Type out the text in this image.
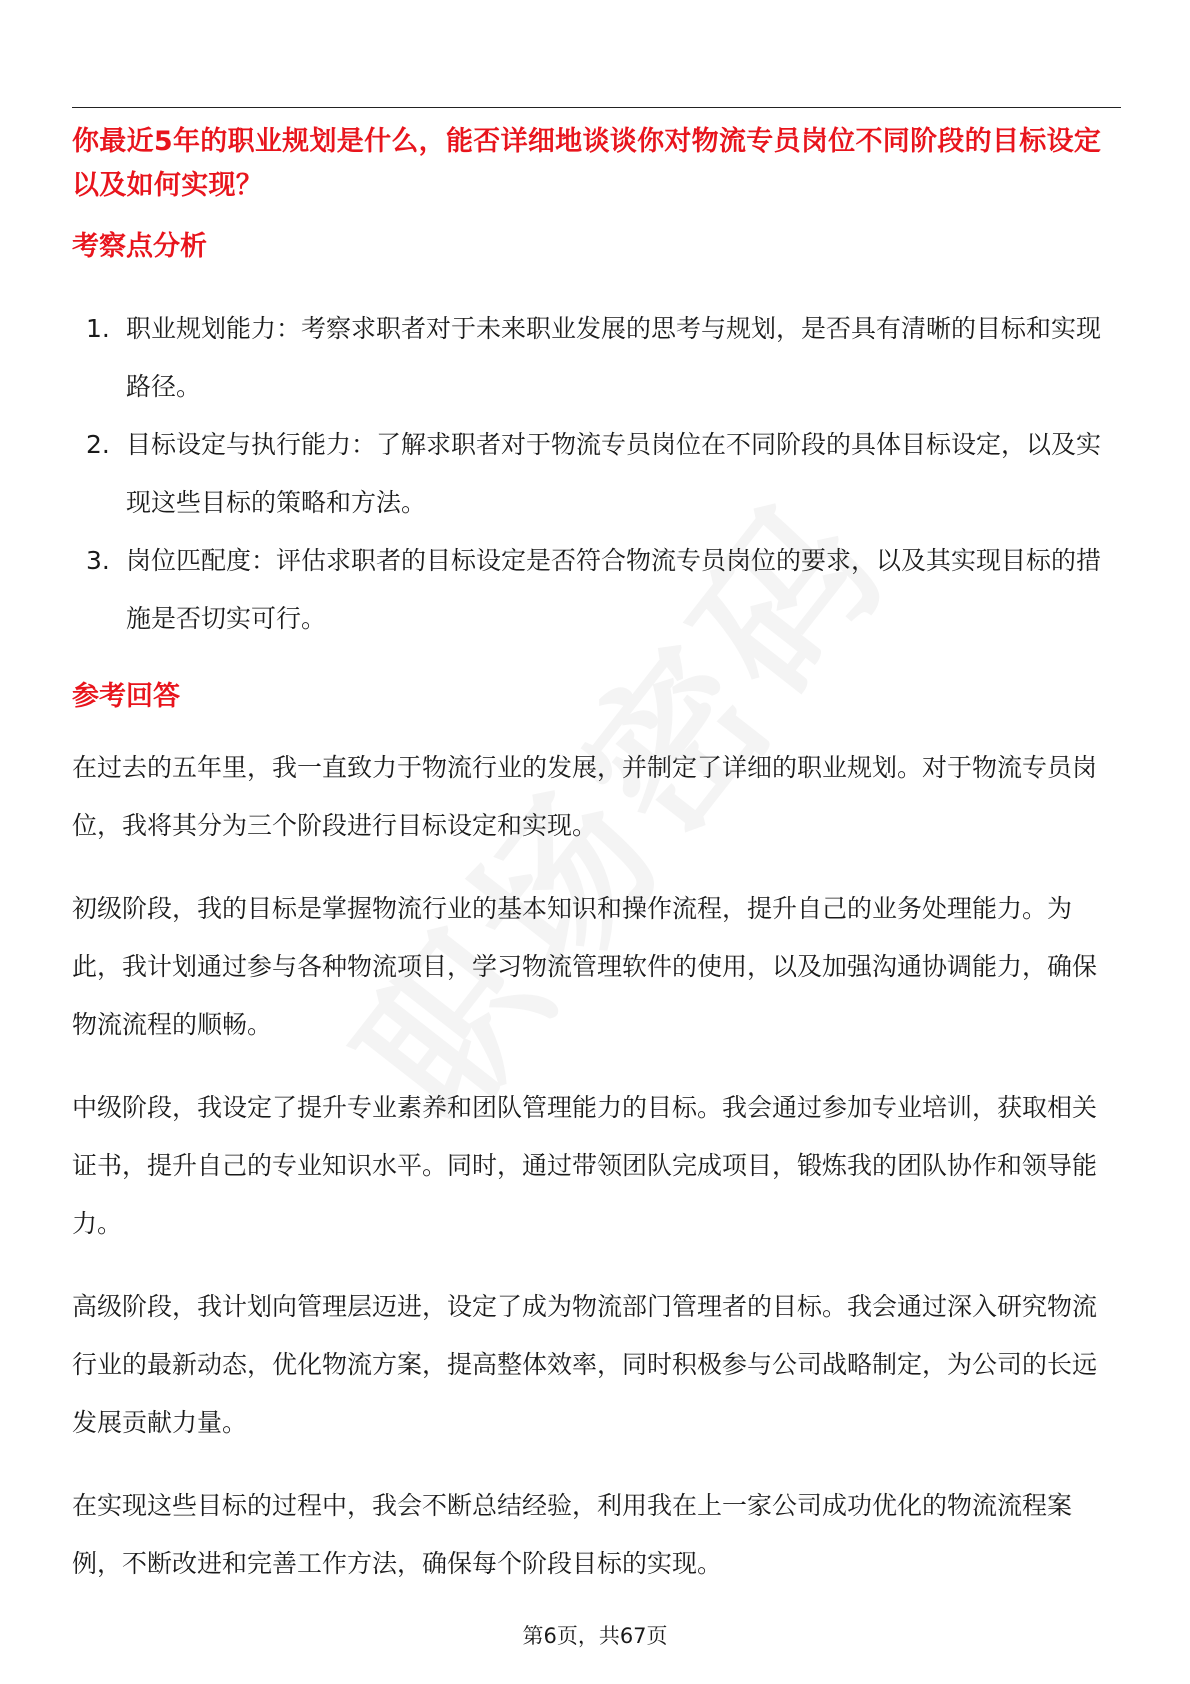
你最近5年的职业规划是什么，能否详细地谈谈你对物流专员岗位不同阶段的目标设定以及如何实现？

考察点分析

1. 职业规划能力：考察求职者对于未来职业发展的思考与规划，是否具有清晰的目标和实现路径。
2. 目标设定与执行能力：了解求职者对于物流专员岗位在不同阶段的具体目标设定，以及实现这些目标的策略和方法。
3. 岗位匹配度：评估求职者的目标设定是否符合物流专员岗位的要求，以及其实现目标的措施是否切实可行。

参考回答

在过去的五年里，我一直致力于物流行业的发展，并制定了详细的职业规划。对于物流专员岗位，我将其分为三个阶段进行目标设定和实现。

初级阶段，我的目标是掌握物流行业的基本知识和操作流程，提升自己的业务处理能力。为此，我计划通过参与各种物流项目，学习物流管理软件的使用，以及加强沟通协调能力，确保物流流程的顺畅。

中级阶段，我设定了提升专业素养和团队管理能力的目标。我会通过参加专业培训，获取相关证书，提升自己的专业知识水平。同时，通过带领团队完成项目，锻炼我的团队协作和领导能力。

高级阶段，我计划向管理层迈进，设定了成为物流部门管理者的目标。我会通过深入研究物流行业的最新动态，优化物流方案，提高整体效率，同时积极参与公司战略制定，为公司的长远发展贡献力量。

在实现这些目标的过程中，我会不断总结经验，利用我在上一家公司成功优化的物流流程案例，不断改进和完善工作方法，确保每个阶段目标的实现。

第6页，共67页
